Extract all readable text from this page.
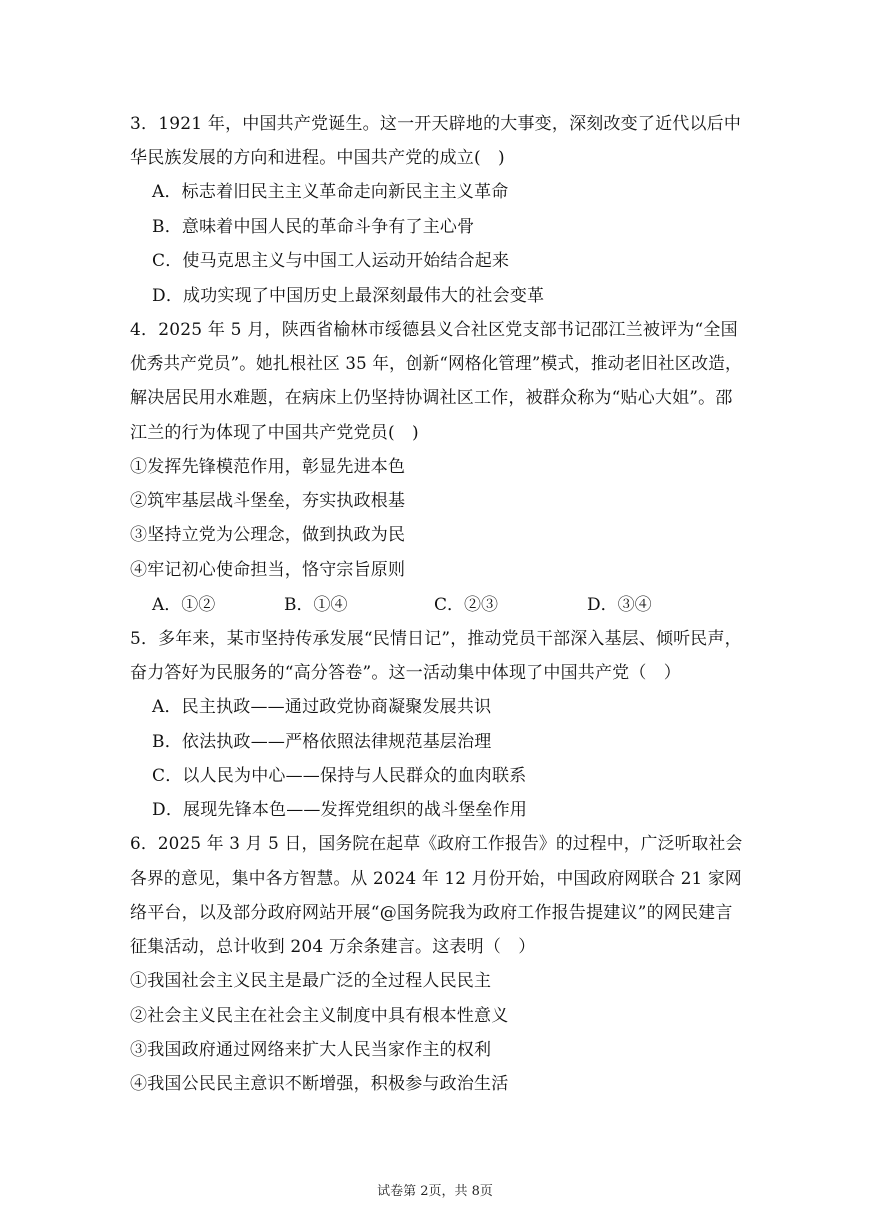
3．1921 年，中国共产党诞生。这一开天辟地的大事变，深刻改变了近代以后中
华民族发展的方向和进程。中国共产党的成立(　)
A．标志着旧民主主义革命走向新民主主义革命
B．意味着中国人民的革命斗争有了主心骨
C．使马克思主义与中国工人运动开始结合起来
D．成功实现了中国历史上最深刻最伟大的社会变革
4．2025 年 5 月，陕西省榆林市绥德县义合社区党支部书记邵江兰被评为“全国
优秀共产党员”。她扎根社区 35 年，创新“网格化管理”模式，推动老旧社区改造，
解决居民用水难题，在病床上仍坚持协调社区工作，被群众称为“贴心大姐”。邵
江兰的行为体现了中国共产党党员(　)
①发挥先锋模范作用，彰显先进本色
②筑牢基层战斗堡垒，夯实执政根基
③坚持立党为公理念，做到执政为民
④牢记初心使命担当，恪守宗旨原则
A．①②	B．①④	C．②③	D．③④
5．多年来，某市坚持传承发展“民情日记”，推动党员干部深入基层、倾听民声，
奋力答好为民服务的“高分答卷”。这一活动集中体现了中国共产党（　）
A．民主执政——通过政党协商凝聚发展共识
B．依法执政——严格依照法律规范基层治理
C．以人民为中心——保持与人民群众的血肉联系
D．展现先锋本色——发挥党组织的战斗堡垒作用
6．2025 年 3 月 5 日，国务院在起草《政府工作报告》的过程中，广泛听取社会
各界的意见，集中各方智慧。从 2024 年 12 月份开始，中国政府网联合 21 家网
络平台，以及部分政府网站开展“@国务院我为政府工作报告提建议”的网民建言
征集活动，总计收到 204 万余条建言。这表明（　）
①我国社会主义民主是最广泛的全过程人民民主
②社会主义民主在社会主义制度中具有根本性意义
③我国政府通过网络来扩大人民当家作主的权利
④我国公民民主意识不断增强，积极参与政治生活
试卷第 2页，共 8页
